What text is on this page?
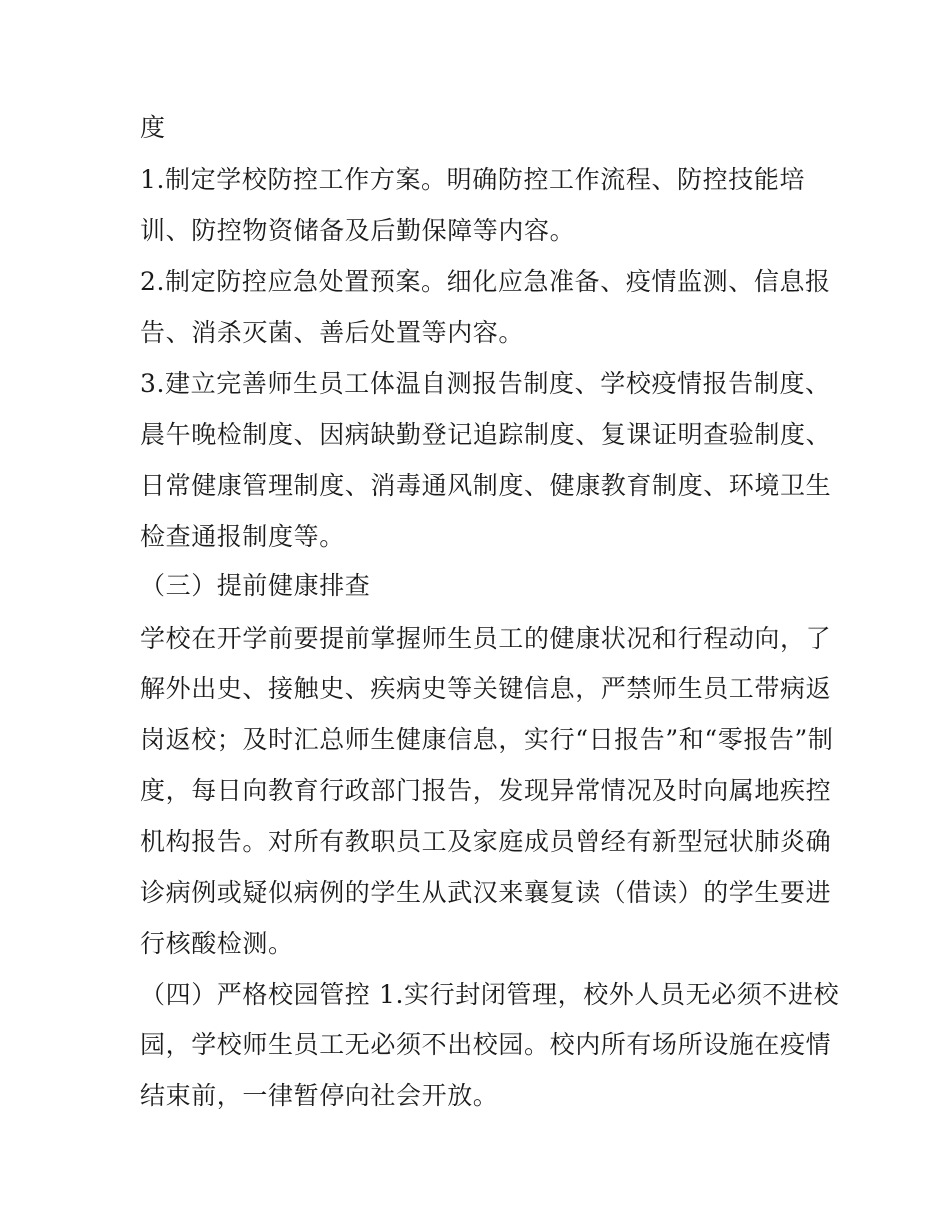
度
1.制定学校防控工作方案。明确防控工作流程、防控技能培
训、防控物资储备及后勤保障等内容。
2.制定防控应急处置预案。细化应急准备、疫情监测、信息报
告、消杀灭菌、善后处置等内容。
3.建立完善师生员工体温自测报告制度、学校疫情报告制度、
晨午晚检制度、因病缺勤登记追踪制度、复课证明查验制度、
日常健康管理制度、消毒通风制度、健康教育制度、环境卫生
检查通报制度等。
（三）提前健康排查
学校在开学前要提前掌握师生员工的健康状况和行程动向，了
解外出史、接触史、疾病史等关键信息，严禁师生员工带病返
岗返校；及时汇总师生健康信息，实行“日报告”和“零报告”制
度，每日向教育行政部门报告，发现异常情况及时向属地疾控
机构报告。对所有教职员工及家庭成员曾经有新型冠状肺炎确
诊病例或疑似病例的学生从武汉来襄复读（借读）的学生要进
行核酸检测。
（四）严格校园管控 1.实行封闭管理，校外人员无必须不进校
园，学校师生员工无必须不出校园。校内所有场所设施在疫情
结束前，一律暂停向社会开放。
